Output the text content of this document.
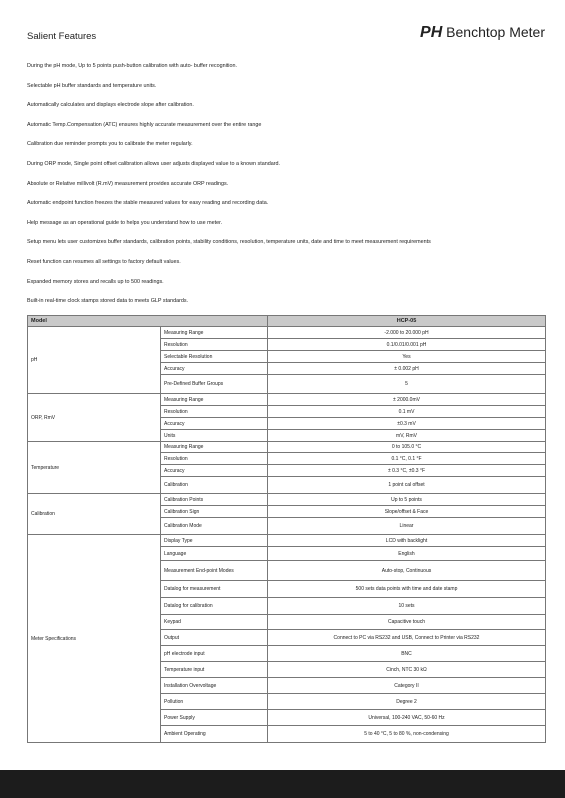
Salient Features	PH Benchtop Meter
During the pH mode, Up to 5 points push-button calibration with auto- buffer recognition.
Selectable pH buffer standards and temperature units.
Automatically calculates and displays electrode slope after calibration.
Automatic Temp.Compensation (ATC) ensures highly accurate measurement over the entire range
Calibration due reminder prompts you to calibrate the meter regularly.
During ORP mode, Single point offset calibration allows user adjusts displayed value to a known standard.
Absolute or Relative millivolt (R.mV) measurement provides accurate ORP readings.
Automatic endpoint function freezes the stable measured values for easy reading and recording data.
Help message as an operational guide to helps you understand how to use meter.
Setup menu lets user customizes buffer standards, calibration points, stability conditions, resolution, temperature units, date and time to meet measurement requirements
Reset function can resumes all settings to factory default values.
Expanded memory stores and recalls up to 500 readings.
Built-in real-time clock stamps stored data to meets GLP standards.
Model		HCP-05
pH	Measuring Range	-2.000 to 20.000 pH
	Resolution	0.1/0.01/0.001 pH
	Selectable Resolution	Yes
	Accuracy	± 0.002 pH
	Pre-Defined Buffer Groups	5
ORP, RmV	Measuring Range	± 2000.0mV
	Resolution	0.1 mV
	Accuracy	±0.3 mV
	Units	mV, RmV
Temperature	Measuring Range	0 to 105.0 °C
	Resolution	0.1 °C, 0.1 °F
	Accuracy	± 0.3 °C, ±0.3 °F
	Calibration	1 point cal offset
Calibration	Calibration Points	Up to 5 points
	Calibration Sign	Slope/offset & Face
	Calibration Mode	Linear
Meter Specifications	Display Type	LCD with backlight
	Language	English
	Measurement End-point Modes	Auto-stop, Continuous
	Datalog for measurement	500 sets data points with time and date stamp
	Datalog for calibration	10 sets
	Keypad	Capacitive touch
	Output	Connect to PC via RS232 and USB, Connect to Printer via RS232
	pH electrode input	BNC
	Temperature input	Cinch, NTC 30 kΩ
	Installation Overvoltage	Category II
	Pollution	Degree 2
	Power Supply	Universal, 100-240 VAC, 50-60 Hz
	Ambient Operating	5 to 40 °C, 5 to 80 %, non-condensing
